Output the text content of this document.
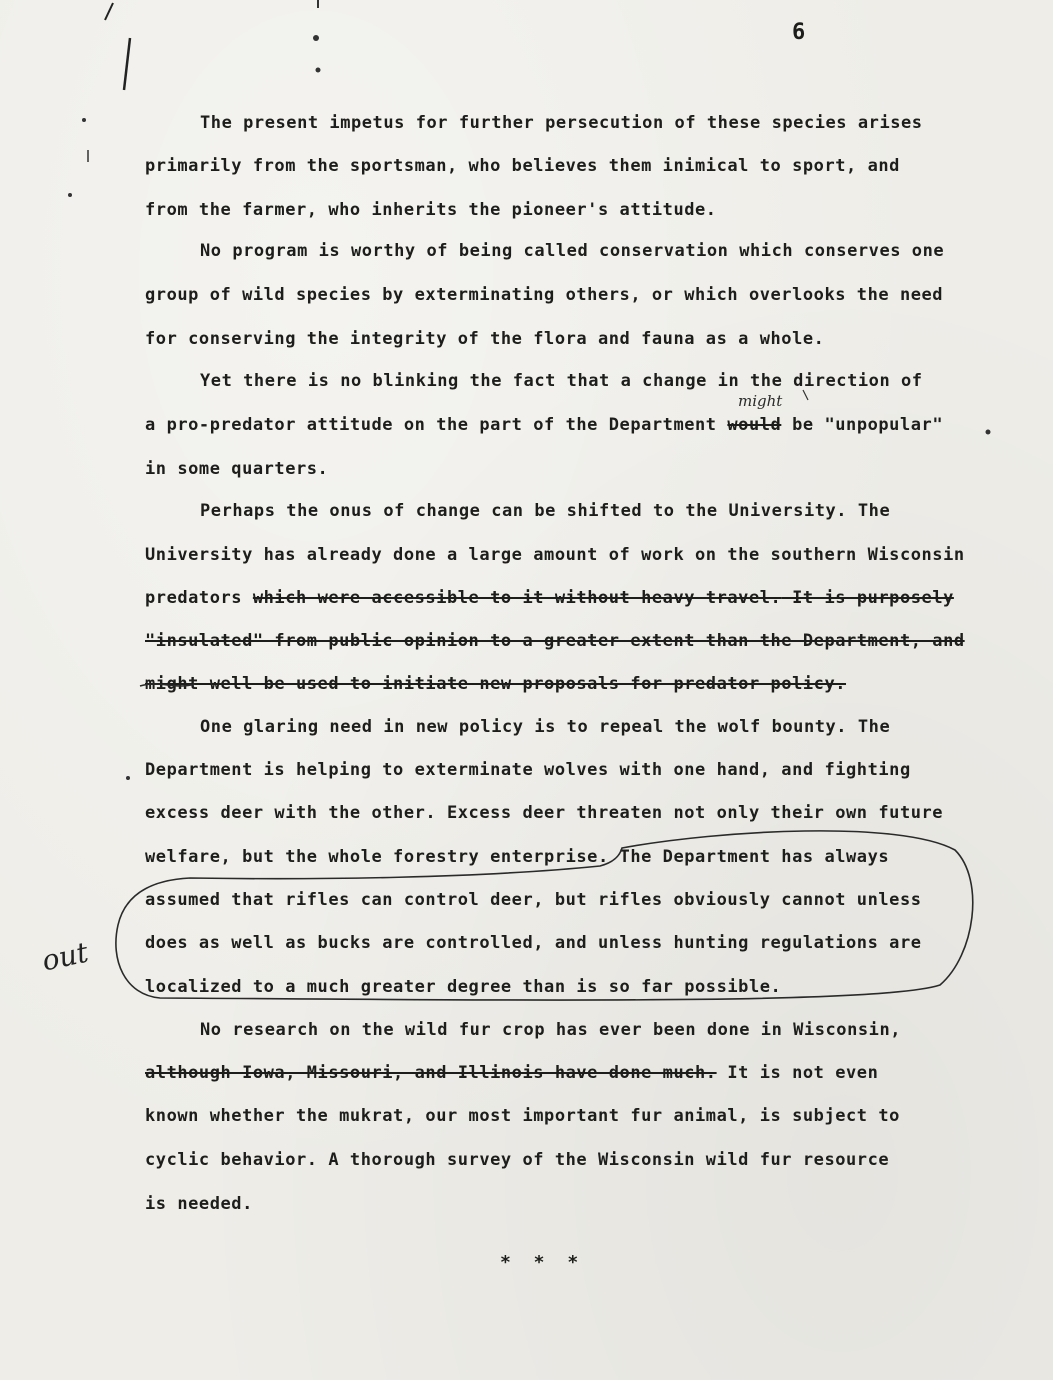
6
The present impetus for further persecution of these species arises
primarily from the sportsman, who believes them inimical to sport, and
from the farmer, who inherits the pioneer's attitude.
No program is worthy of being called conservation which conserves one
group of wild species by exterminating others, or which overlooks the need
for conserving the integrity of the flora and fauna as a whole.
Yet there is no blinking the fact that a change in the direction of
a pro-predator attitude on the part of the Department would be "unpopular"
might
in some quarters.
Perhaps the onus of change can be shifted to the University. The
University has already done a large amount of work on the southern Wisconsin
predators which were accessible to it without heavy travel. It is purposely
"insulated" from public opinion to a greater extent than the Department, and
might well be used to initiate new proposals for predator policy.
One glaring need in new policy is to repeal the wolf bounty. The
Department is helping to exterminate wolves with one hand, and fighting
excess deer with the other. Excess deer threaten not only their own future
welfare, but the whole forestry enterprise. The Department has always
assumed that rifles can control deer, but rifles obviously cannot unless
does as well as bucks are controlled, and unless hunting regulations are
localized to a much greater degree than is so far possible.
out
No research on the wild fur crop has ever been done in Wisconsin,
although Iowa, Missouri, and Illinois have done much. It is not even
known whether the mukrat, our most important fur animal, is subject to
cyclic behavior. A thorough survey of the Wisconsin wild fur resource
is needed.
* * *
